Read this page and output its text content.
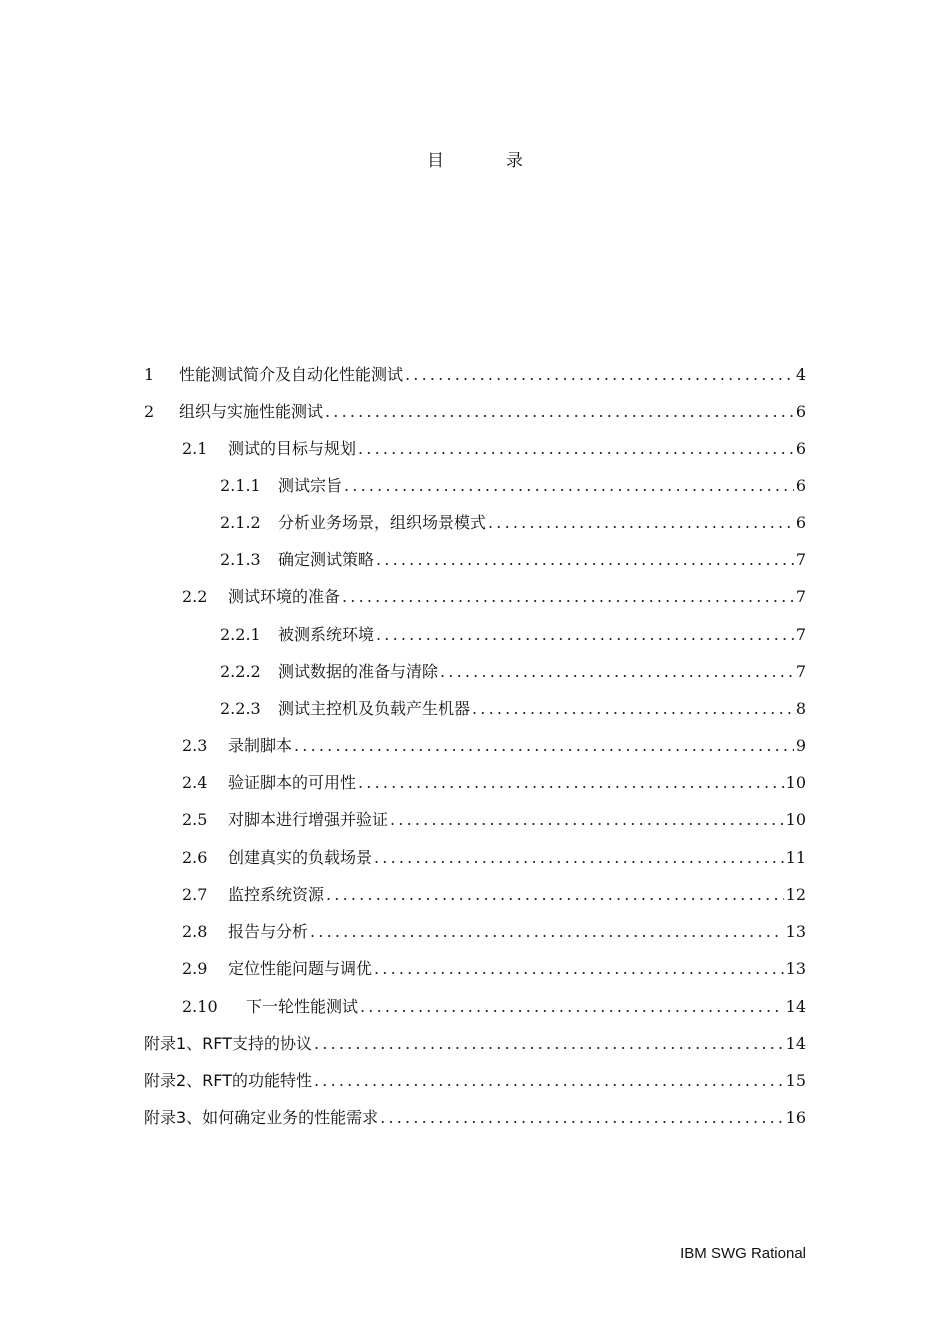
目	录
1	性能测试简介及自动化性能测试 .....	4
2	组织与实施性能测试 .....	6
2.1	测试的目标与规划 .....	6
2.1.1	测试宗旨 .....	6
2.1.2	分析业务场景，组织场景模式 .....	6
2.1.3	确定测试策略 .....	7
2.2	测试环境的准备 .....	7
2.2.1	被测系统环境 .....	7
2.2.2	测试数据的准备与清除 .....	7
2.2.3	测试主控机及负载产生机器 .....	8
2.3	录制脚本 .....	9
2.4	验证脚本的可用性 .....	10
2.5	对脚本进行增强并验证 .....	10
2.6	创建真实的负载场景 .....	11
2.7	监控系统资源 .....	12
2.8	报告与分析 .....	13
2.9	定位性能问题与调优 .....	13
2.10	下一轮性能测试 .....	14
附录1、RFT支持的协议 .....	14
附录2、RFT的功能特性 .....	15
附录3、如何确定业务的性能需求 .....	16
IBM SWG Rational
